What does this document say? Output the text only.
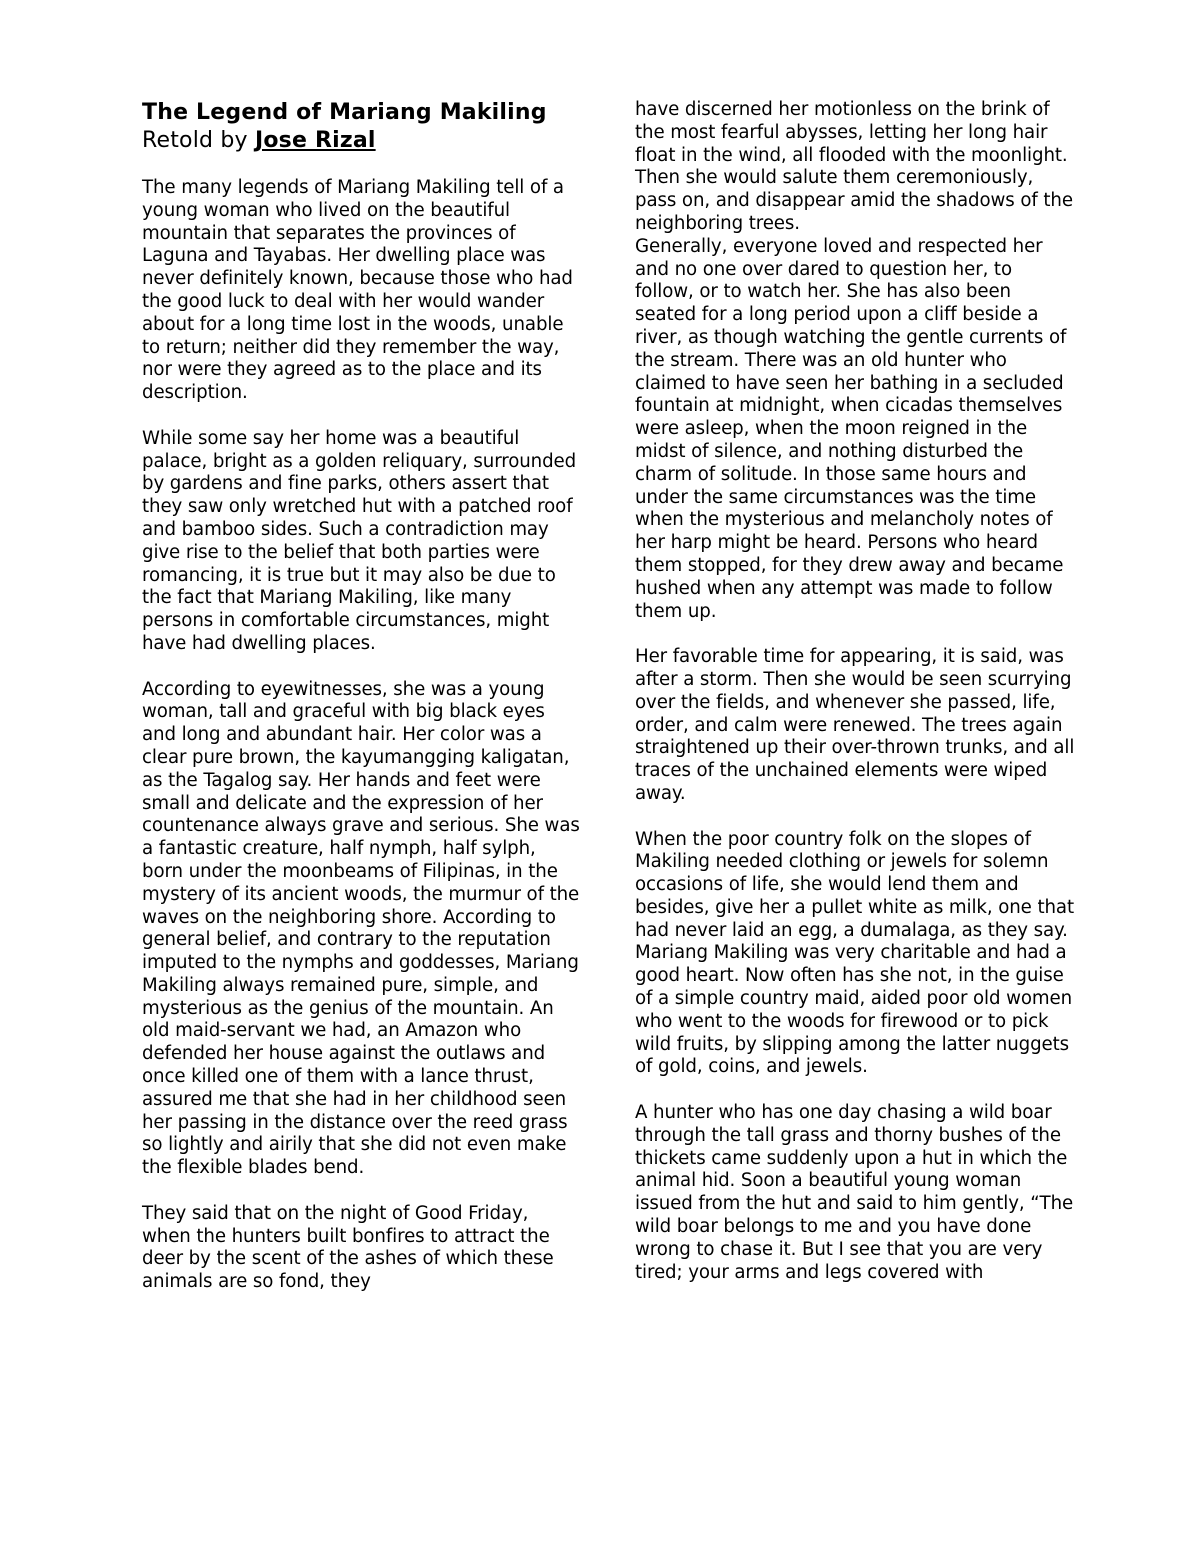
The Legend of Mariang Makiling
Retold by Jose Rizal

The many legends of Mariang Makiling tell of a young woman who lived on the beautiful mountain that separates the provinces of Laguna and Tayabas. Her dwelling place was never definitely known, because those who had the good luck to deal with her would wander about for a long time lost in the woods, unable to return; neither did they remember the way, nor were they agreed as to the place and its description.

While some say her home was a beautiful palace, bright as a golden reliquary, surrounded by gardens and fine parks, others assert that they saw only wretched hut with a patched roof and bamboo sides. Such a contradiction may give rise to the belief that both parties were romancing, it is true but it may also be due to the fact that Mariang Makiling, like many persons in comfortable circumstances, might have had dwelling places.

According to eyewitnesses, she was a young woman, tall and graceful with big black eyes and long and abundant hair. Her color was a clear pure brown, the kayumangging kaligatan, as the Tagalog say. Her hands and feet were small and delicate and the expression of her countenance always grave and serious. She was a fantastic creature, half nymph, half sylph, born under the moonbeams of Filipinas, in the mystery of its ancient woods, the murmur of the waves on the neighboring shore. According to general belief, and contrary to the reputation imputed to the nymphs and goddesses, Mariang Makiling always remained pure, simple, and mysterious as the genius of the mountain. An old maid-servant we had, an Amazon who defended her house against the outlaws and once killed one of them with a lance thrust, assured me that she had in her childhood seen her passing in the distance over the reed grass so lightly and airily that she did not even make the flexible blades bend.

They said that on the night of Good Friday, when the hunters built bonfires to attract the deer by the scent of the ashes of which these animals are so fond, they

have discerned her motionless on the brink of the most fearful abysses, letting her long hair float in the wind, all flooded with the moonlight. Then she would salute them ceremoniously, pass on, and disappear amid the shadows of the neighboring trees.

Generally, everyone loved and respected her and no one over dared to question her, to follow, or to watch her. She has also been seated for a long period upon a cliff beside a river, as though watching the gentle currents of the stream. There was an old hunter who claimed to have seen her bathing in a secluded fountain at midnight, when cicadas themselves were asleep, when the moon reigned in the midst of silence, and nothing disturbed the charm of solitude. In those same hours and under the same circumstances was the time when the mysterious and melancholy notes of her harp might be heard. Persons who heard them stopped, for they drew away and became hushed when any attempt was made to follow them up.

Her favorable time for appearing, it is said, was after a storm. Then she would be seen scurrying over the fields, and whenever she passed, life, order, and calm were renewed. The trees again straightened up their over-thrown trunks, and all traces of the unchained elements were wiped away.

When the poor country folk on the slopes of Makiling needed clothing or jewels for solemn occasions of life, she would lend them and besides, give her a pullet white as milk, one that had never laid an egg, a dumalaga, as they say. Mariang Makiling was very charitable and had a good heart. Now often has she not, in the guise of a simple country maid, aided poor old women who went to the woods for firewood or to pick wild fruits, by slipping among the latter nuggets of gold, coins, and jewels.

A hunter who has one day chasing a wild boar through the tall grass and thorny bushes of the thickets came suddenly upon a hut in which the animal hid. Soon a beautiful young woman issued from the hut and said to him gently, “The wild boar belongs to me and you have done wrong to chase it. But I see that you are very tired; your arms and legs covered with
